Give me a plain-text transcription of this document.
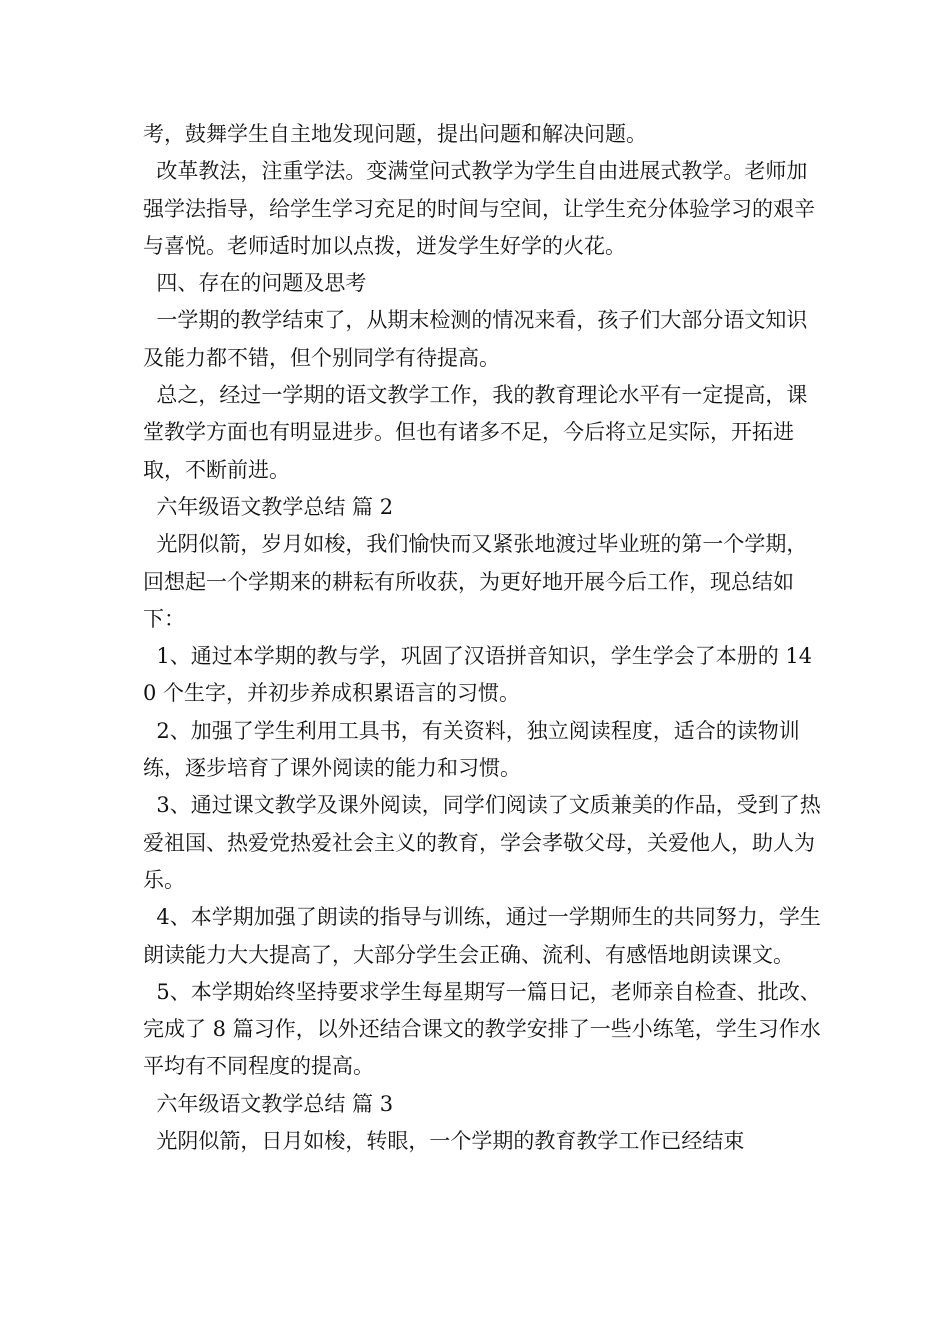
考，鼓舞学生自主地发现问题，提出问题和解决问题。

改革教法，注重学法。变满堂问式教学为学生自由进展式教学。老师加强学法指导，给学生学习充足的时间与空间，让学生充分体验学习的艰辛与喜悦。老师适时加以点拨，迸发学生好学的火花。

四、存在的问题及思考

一学期的教学结束了，从期末检测的情况来看，孩子们大部分语文知识及能力都不错，但个别同学有待提高。

总之，经过一学期的语文教学工作，我的教育理论水平有一定提高，课堂教学方面也有明显进步。但也有诸多不足，今后将立足实际，开拓进取，不断前进。

六年级语文教学总结 篇 2

光阴似箭，岁月如梭，我们愉快而又紧张地渡过毕业班的第一个学期，回想起一个学期来的耕耘有所收获，为更好地开展今后工作，现总结如下：

1、通过本学期的教与学，巩固了汉语拼音知识，学生学会了本册的 140 个生字，并初步养成积累语言的习惯。

2、加强了学生利用工具书，有关资料，独立阅读程度，适合的读物训练，逐步培育了课外阅读的能力和习惯。

3、通过课文教学及课外阅读，同学们阅读了文质兼美的作品，受到了热爱祖国、热爱党热爱社会主义的教育，学会孝敬父母，关爱他人，助人为乐。

4、本学期加强了朗读的指导与训练，通过一学期师生的共同努力，学生朗读能力大大提高了，大部分学生会正确、流利、有感悟地朗读课文。

5、本学期始终坚持要求学生每星期写一篇日记，老师亲自检查、批改、完成了 8 篇习作，以外还结合课文的教学安排了一些小练笔，学生习作水平均有不同程度的提高。

六年级语文教学总结 篇 3

光阴似箭，日月如梭，转眼，一个学期的教育教学工作已经结束
